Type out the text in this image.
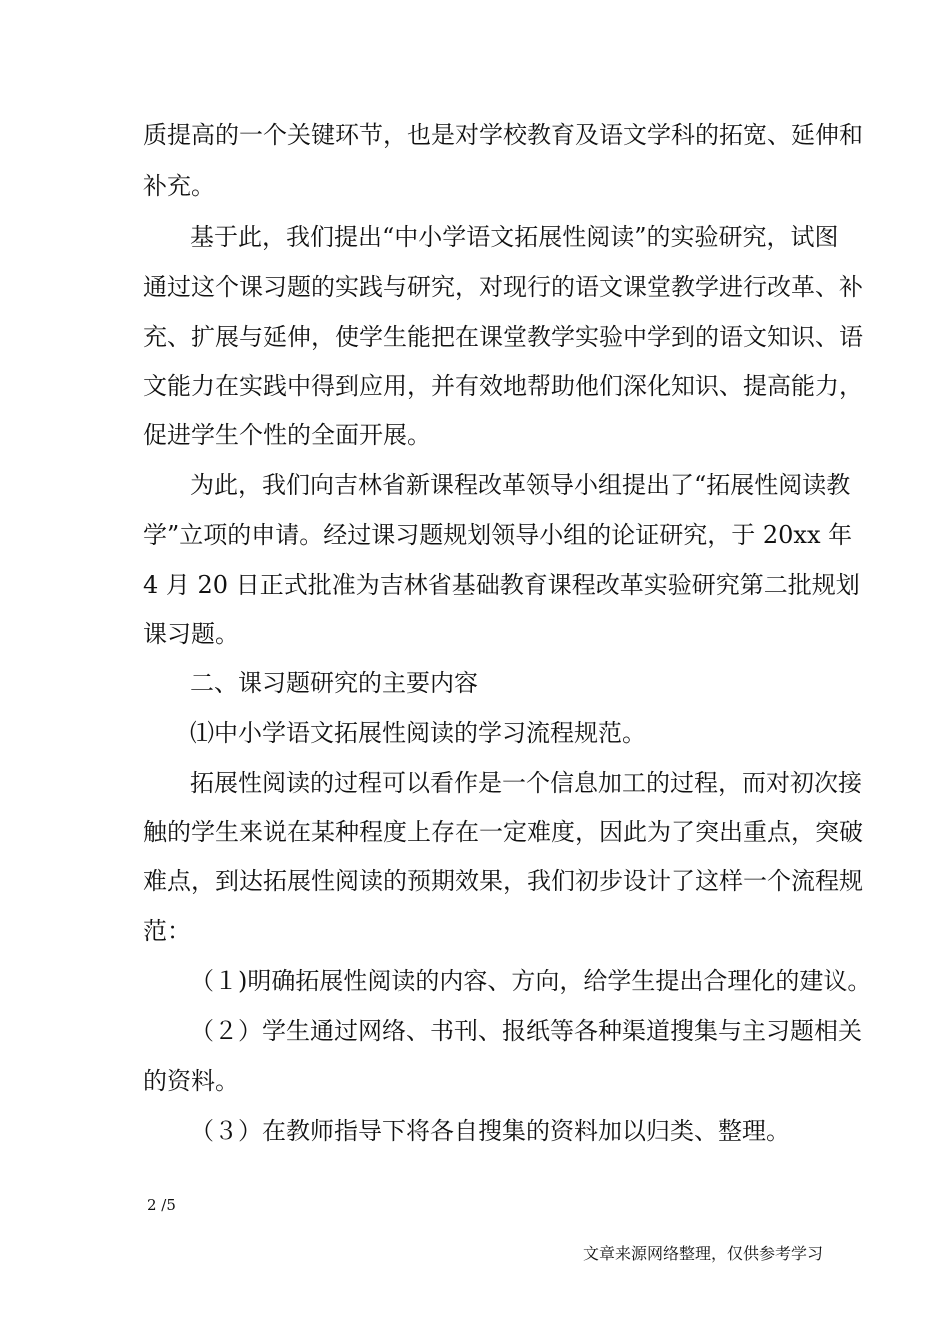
质提高的一个关键环节，也是对学校教育及语文学科的拓宽、延伸和
补充。
基于此，我们提出“中小学语文拓展性阅读”的实验研究，试图
通过这个课习题的实践与研究，对现行的语文课堂教学进行改革、补
充、扩展与延伸，使学生能把在课堂教学实验中学到的语文知识、语
文能力在实践中得到应用，并有效地帮助他们深化知识、提高能力，
促进学生个性的全面开展。
为此，我们向吉林省新课程改革领导小组提出了“拓展性阅读教
学”立项的申请。经过课习题规划领导小组的论证研究，于 20xx 年
4 月 20 日正式批准为吉林省基础教育课程改革实验研究第二批规划
课习题。
二、课习题研究的主要内容
⑴中小学语文拓展性阅读的学习流程规范。
拓展性阅读的过程可以看作是一个信息加工的过程，而对初次接
触的学生来说在某种程度上存在一定难度，因此为了突出重点，突破
难点，到达拓展性阅读的预期效果，我们初步设计了这样一个流程规
范：
（１)明确拓展性阅读的内容、方向，给学生提出合理化的建议。
（２）学生通过网络、书刊、报纸等各种渠道搜集与主习题相关
的资料。
（３）在教师指导下将各自搜集的资料加以归类、整理。
2 /5
文章来源网络整理，仅供参考学习
